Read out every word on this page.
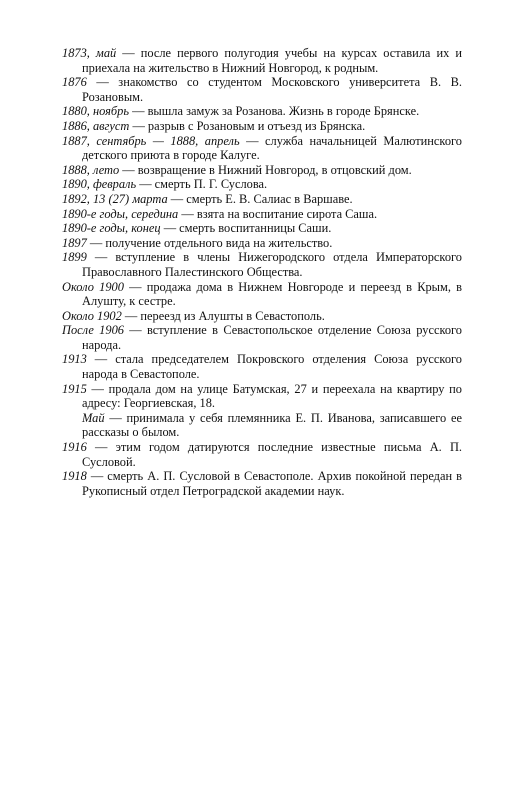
1873, май — после первого полугодия учебы на курсах оставила их и приехала на жительство в Нижний Новгород, к родным.

1876 — знакомство со студентом Московского университета В. В. Розановым.

1880, ноябрь — вышла замуж за Розанова. Жизнь в городе Брянске.

1886, август — разрыв с Розановым и отъезд из Брянска.

1887, сентябрь — 1888, апрель — служба начальницей Малютинского детского приюта в городе Калуге.

1888, лето — возвращение в Нижний Новгород, в отцовский дом.

1890, февраль — смерть П. Г. Суслова.

1892, 13 (27) марта — смерть Е. В. Салиас в Варшаве.

1890-е годы, середина — взята на воспитание сирота Саша.

1890-е годы, конец — смерть воспитанницы Саши.

1897 — получение отдельного вида на жительство.

1899 — вступление в члены Нижегородского отдела Императорского Православного Палестинского Общества.

Около 1900 — продажа дома в Нижнем Новгороде и переезд в Крым, в Алушту, к сестре.

Около 1902 — переезд из Алушты в Севастополь.

После 1906 — вступление в Севастопольское отделение Союза русского народа.

1913 — стала председателем Покровского отделения Союза русского народа в Севастополе.

1915 — продала дом на улице Батумская, 27 и переехала на квартиру по адресу: Георгиевская, 18.

Май — принимала у себя племянника Е. П. Иванова, записавшего ее рассказы о былом.

1916 — этим годом датируются последние известные письма А. П. Сусловой.

1918 — смерть А. П. Сусловой в Севастополе. Архив покойной передан в Рукописный отдел Петроградской академии наук.
